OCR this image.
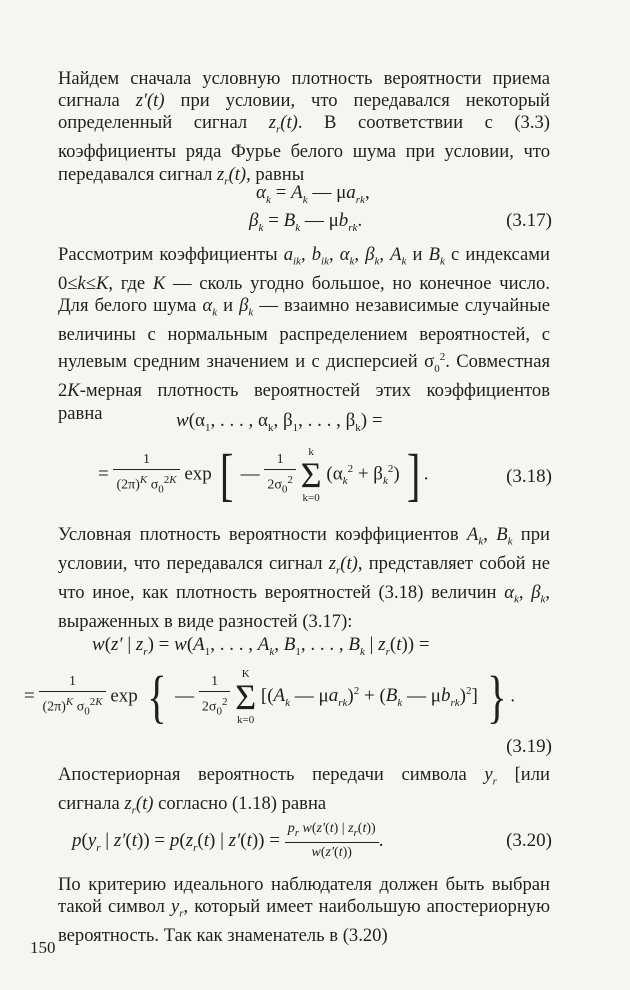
Найдем сначала условную плотность вероятности приема сигнала z′(t) при условии, что передавался некоторый определенный сигнал $z_r(t)$. В соответствии с (3.3) коэффициенты ряда Фурье белого шума при условии, что передавался сигнал $z_r(t)$, равны
$\alpha_k = A_k$ — $\mu a_{rk}$,
$\beta_k = B_k$ — $\mu b_{rk}$.	(3.17)
Рассмотрим коэффициенты $a_{ik}$, $b_{ik}$, $\alpha_k$, $\beta_k$, $A_k$ и $B_k$ с индексами 0≤k≤K, где K — сколь угодно большое, но конечное число. Для белого шума $\alpha_k$ и $\beta_k$ — взаимно независимые случайные величины с нормальным распределением вероятностей, с нулевым средним значением и с дисперсией $\sigma_0^2$. Совместная 2K-мерная плотность вероятностей этих коэффициентов равна	$w(\alpha_1$, . . . , $\alpha_k$, $\beta_1$, . . . , $\beta_k$) =
= $\frac{1}{(2\pi)^K \sigma_0^{2K}}$ exp [ — $\frac{1}{2\sigma_0^2}$ k
Σ
k=0 $(\alpha_k^2 + \beta_k^2)$ ] .	(3.18)
Условная плотность вероятности коэффициентов $A_k$, $B_k$ при условии, что передавался сигнал $z_r(t)$, представляет собой не что иное, как плотность вероятностей (3.18) величин $\alpha_k$, $\beta_k$, выраженных в виде разностей (3.17):
w(z′ | $z_r) = w(A_1$, . . . , $A_k$, $B_1$, . . . , $B_k$ | $z_r(t)$) =
= $\frac{1}{(2\pi)^K \sigma_0^{2K}}$ exp { — $\frac{1}{2\sigma_0^2}$ K
Σ
k=0 [($A_k$ — $\mu a_{rk})^2 + (B_k$ — $\mu b_{rk})^2$] } .
(3.19)
Апостериорная вероятность передачи символа $y_r$ [или сигнала $z_r(t)$ согласно (1.18) равна
$p(y_r$ | $z'(t)) = p(z_r(t)$ | $z'(t)) = \frac{p_r w(z'(t) | z_r(t))}{w(z'(t))}$ .	(3.20)
По критерию идеального наблюдателя должен быть выбран такой символ $y_r$, который имеет наибольшую апостериорную вероятность. Так как знаменатель в (3.20)
150
